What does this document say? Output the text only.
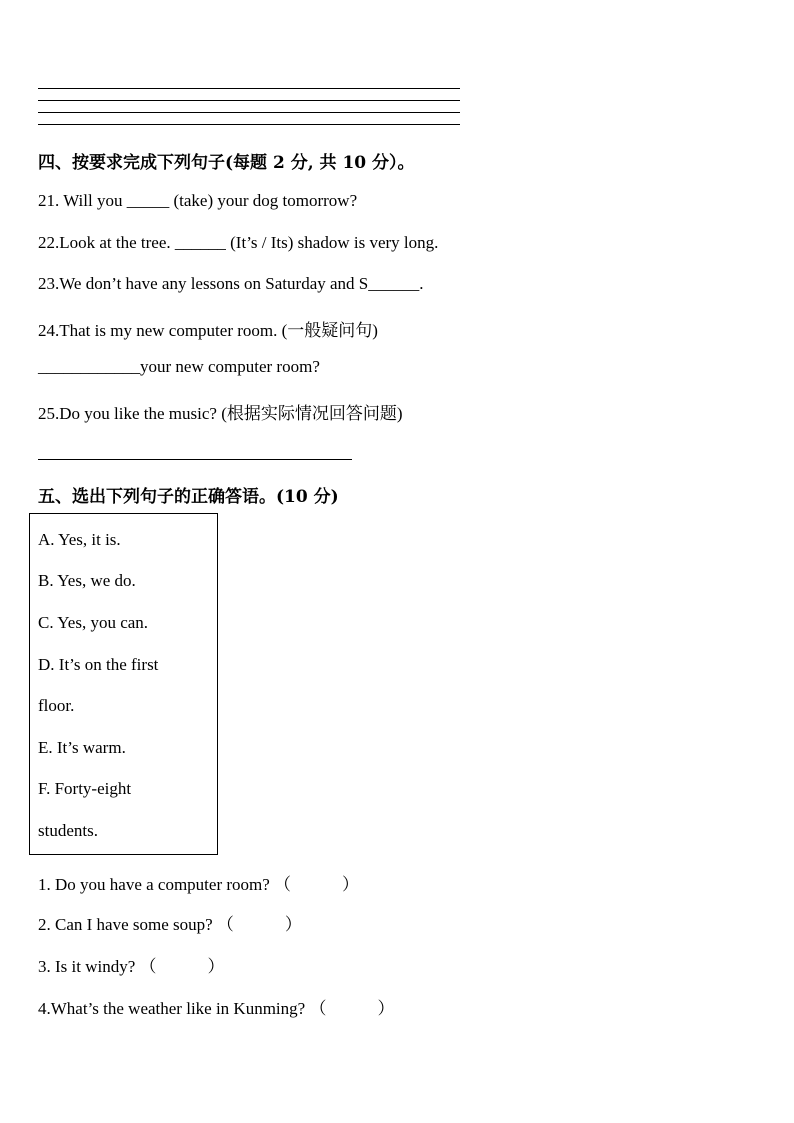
四、按要求完成下列句子(每题 2 分, 共 10 分）。
21. Will you _____ (take) your dog tomorrow?
22.Look at the tree. ______ (It’s / Its) shadow is very long.
23.We don’t have any lessons on Saturday and S______.
24.That is my new computer room. (一般疑问句)
____________your new computer room?
25.Do you like the music? (根据实际情况回答问题)
五、选出下列句子的正确答语。(10 分)
A. Yes, it is.
B. Yes, we do.
C. Yes, you can.
D. It’s on the first
floor.
E. It’s warm.
F. Forty-eight
students.
1. Do you have a computer room? （　　　）
2. Can I have some soup? （　　　）
3. Is it windy? （　　　）
4.What’s the weather like in Kunming? （　　　）
